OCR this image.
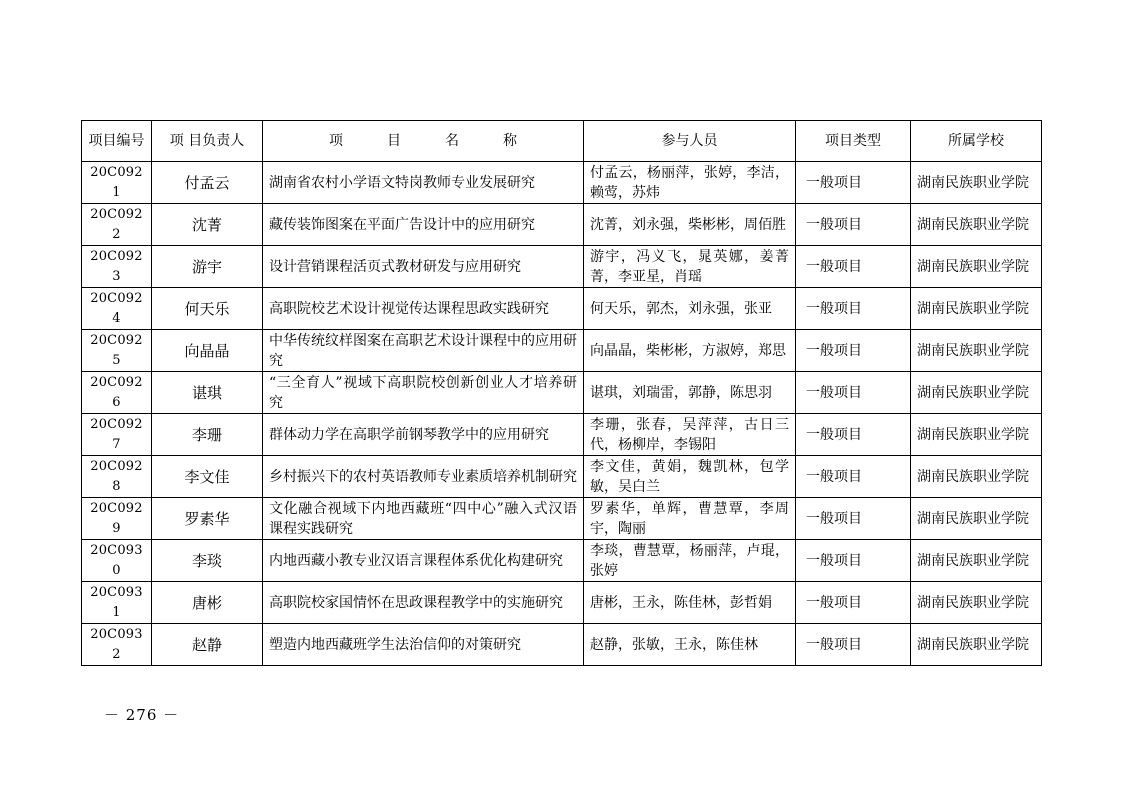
项目编号	项 目负责人	项 目 名 称	参与人员	项目类型	所属学校
20C0921	付孟云	湖南省农村小学语文特岗教师专业发展研究	付孟云，杨丽萍，张婷，李洁，赖莺，苏炜	一般项目	湖南民族职业学院
20C0922	沈菁	藏传装饰图案在平面广告设计中的应用研究	沈菁，刘永强，柴彬彬，周佰胜	一般项目	湖南民族职业学院
20C0923	游宇	设计营销课程活页式教材研发与应用研究	游宇，冯义飞，晁英娜，姜菁菁，李亚星，肖瑶	一般项目	湖南民族职业学院
20C0924	何天乐	高职院校艺术设计视觉传达课程思政实践研究	何天乐，郭杰，刘永强，张亚	一般项目	湖南民族职业学院
20C0925	向晶晶	中华传统纹样图案在高职艺术设计课程中的应用研究	向晶晶，柴彬彬，方淑婷，郑思	一般项目	湖南民族职业学院
20C0926	谌琪	“三全育人”视域下高职院校创新创业人才培养研究	谌琪，刘瑞雷，郭静，陈思羽	一般项目	湖南民族职业学院
20C0927	李珊	群体动力学在高职学前钢琴教学中的应用研究	李珊，张春，吴萍萍，古日三代，杨柳岸，李锡阳	一般项目	湖南民族职业学院
20C0928	李文佳	乡村振兴下的农村英语教师专业素质培养机制研究	李文佳，黄娟，魏凯林，包学敏，吴白兰	一般项目	湖南民族职业学院
20C0929	罗素华	文化融合视域下内地西藏班“四中心”融入式汉语课程实践研究	罗素华，单辉，曹慧覃，李周宇，陶丽	一般项目	湖南民族职业学院
20C0930	李琰	内地西藏小教专业汉语言课程体系优化构建研究	李琰，曹慧覃，杨丽萍，卢琨，张婷	一般项目	湖南民族职业学院
20C0931	唐彬	高职院校家国情怀在思政课程教学中的实施研究	唐彬，王永，陈佳林，彭哲娟	一般项目	湖南民族职业学院
20C0932	赵静	塑造内地西藏班学生法治信仰的对策研究	赵静，张敏，王永，陈佳林	一般项目	湖南民族职业学院
－ 276 －
